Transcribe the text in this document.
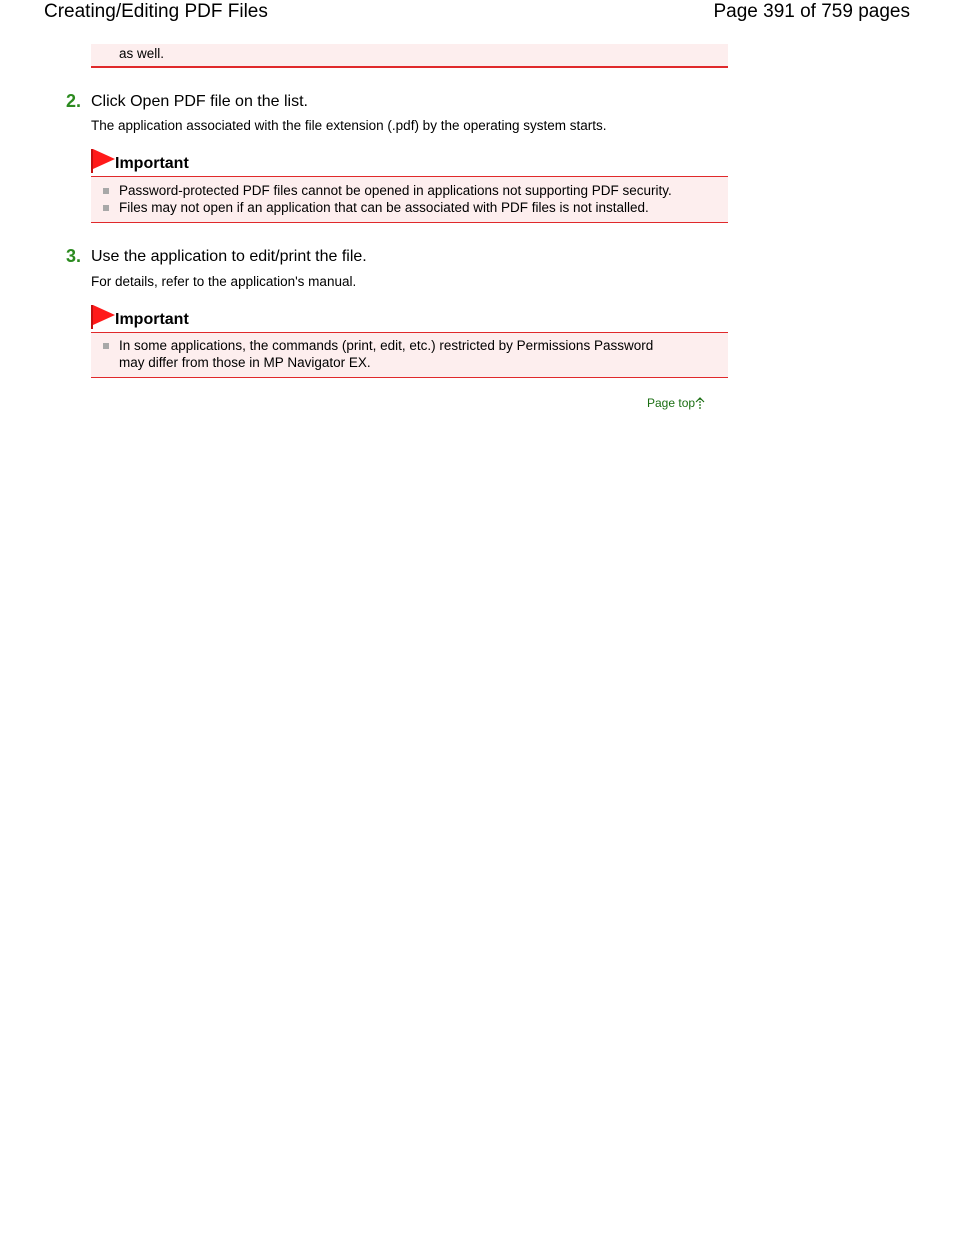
Creating/Editing PDF Files	Page 391 of 759 pages
as well.
2. Click Open PDF file on the list.
The application associated with the file extension (.pdf) by the operating system starts.
Important
Password-protected PDF files cannot be opened in applications not supporting PDF security.
Files may not open if an application that can be associated with PDF files is not installed.
3. Use the application to edit/print the file.
For details, refer to the application's manual.
Important
In some applications, the commands (print, edit, etc.) restricted by Permissions Password
may differ from those in MP Navigator EX.
Page top
